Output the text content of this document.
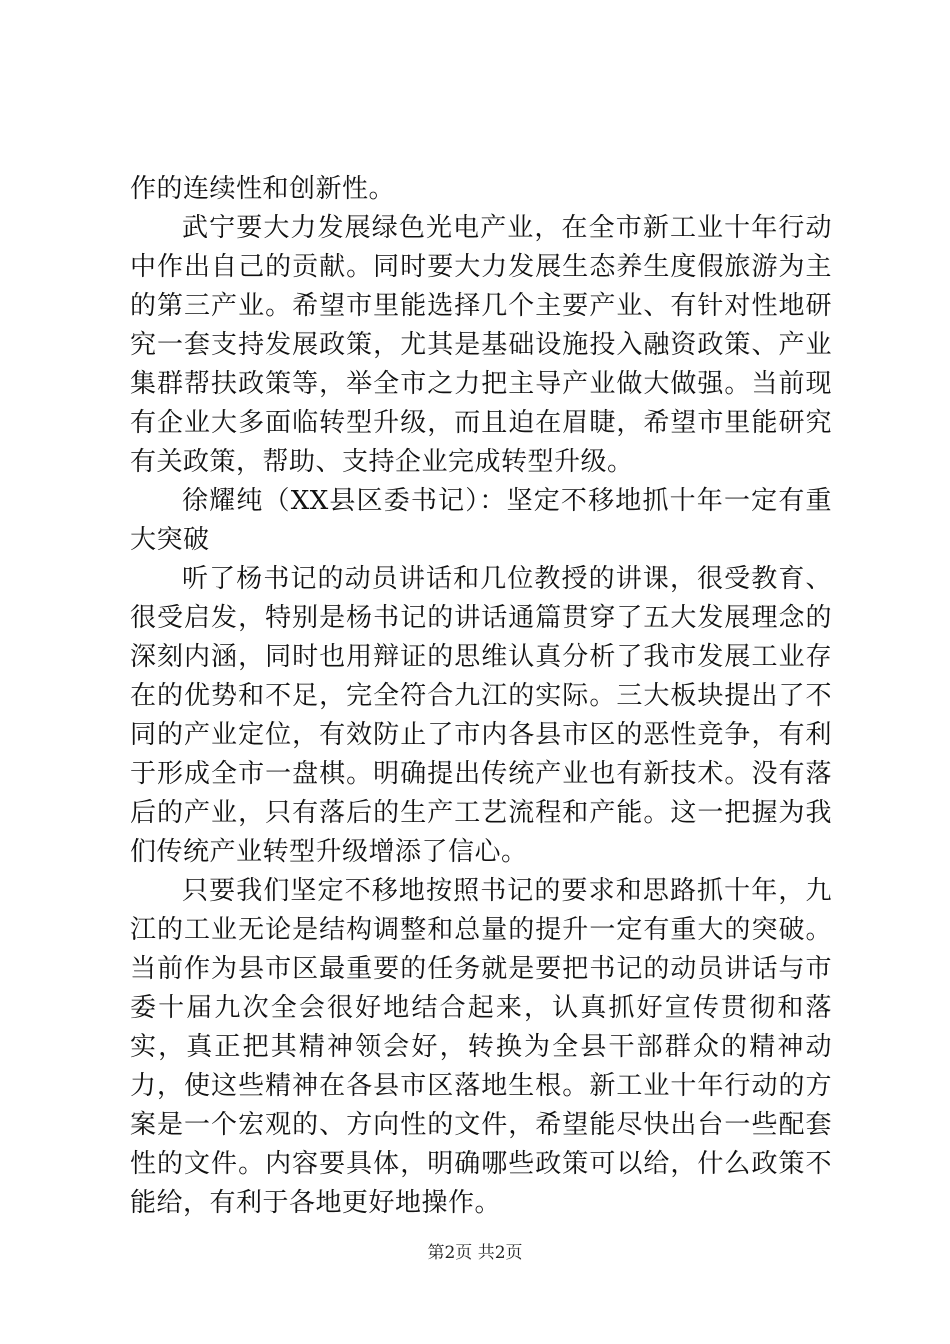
作的连续性和创新性。

武宁要大力发展绿色光电产业，在全市新工业十年行动中作出自己的贡献。同时要大力发展生态养生度假旅游为主的第三产业。希望市里能选择几个主要产业、有针对性地研究一套支持发展政策，尤其是基础设施投入融资政策、产业集群帮扶政策等，举全市之力把主导产业做大做强。当前现有企业大多面临转型升级，而且迫在眉睫，希望市里能研究有关政策，帮助、支持企业完成转型升级。

徐耀纯（XX县区委书记）：坚定不移地抓十年一定有重大突破

听了杨书记的动员讲话和几位教授的讲课，很受教育、很受启发，特别是杨书记的讲话通篇贯穿了五大发展理念的深刻内涵，同时也用辩证的思维认真分析了我市发展工业存在的优势和不足，完全符合九江的实际。三大板块提出了不同的产业定位，有效防止了市内各县市区的恶性竞争，有利于形成全市一盘棋。明确提出传统产业也有新技术。没有落后的产业，只有落后的生产工艺流程和产能。这一把握为我们传统产业转型升级增添了信心。

只要我们坚定不移地按照书记的要求和思路抓十年，九江的工业无论是结构调整和总量的提升一定有重大的突破。当前作为县市区最重要的任务就是要把书记的动员讲话与市委十届九次全会很好地结合起来，认真抓好宣传贯彻和落实，真正把其精神领会好，转换为全县干部群众的精神动力，使这些精神在各县市区落地生根。新工业十年行动的方案是一个宏观的、方向性的文件，希望能尽快出台一些配套性的文件。内容要具体，明确哪些政策可以给，什么政策不能给，有利于各地更好地操作。

第2页 共2页
